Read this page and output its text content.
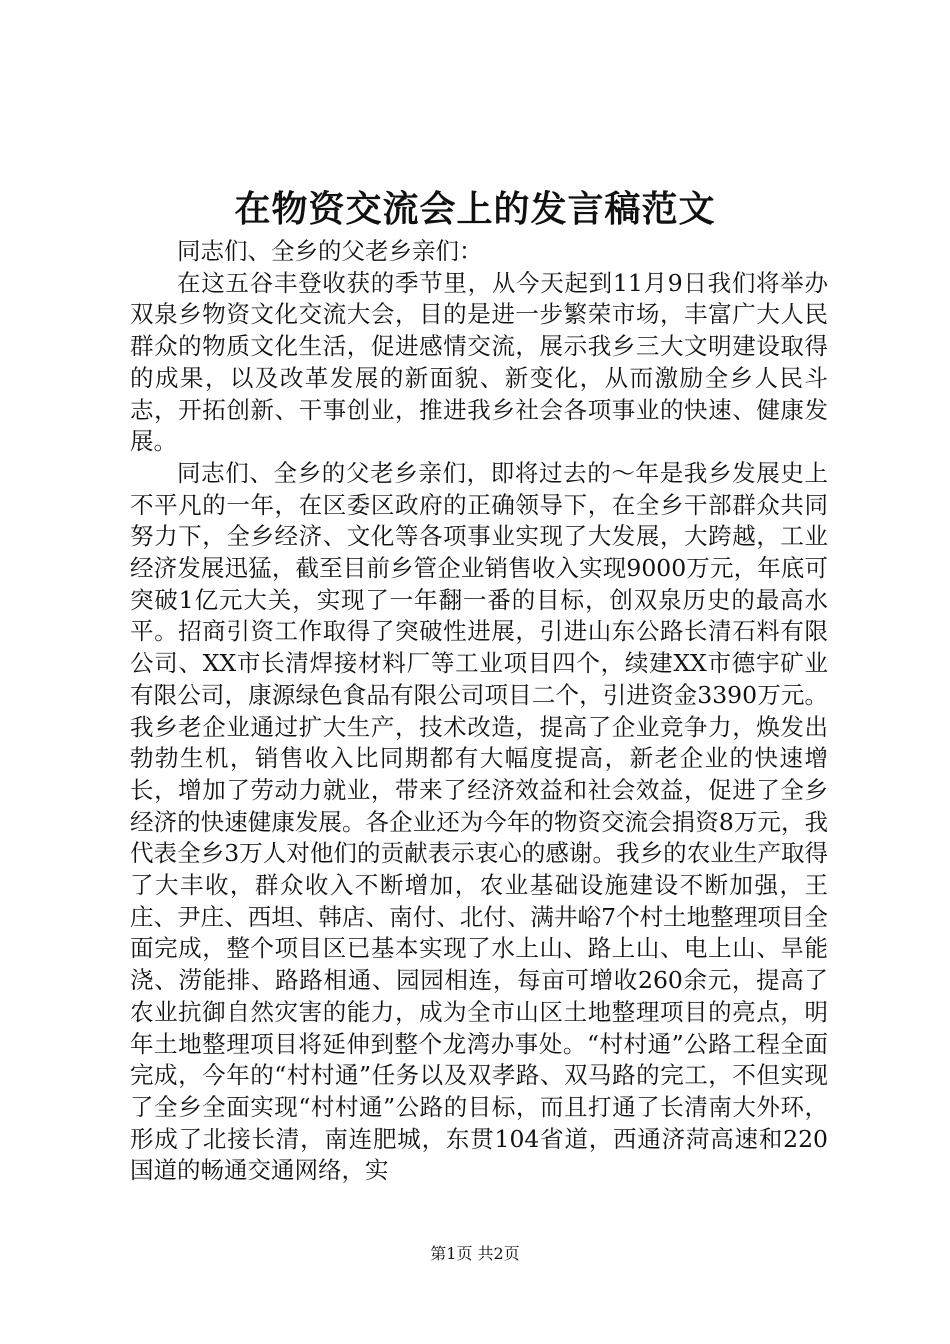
在物资交流会上的发言稿范文

同志们、全乡的父老乡亲们：

在这五谷丰登收获的季节里，从今天起到11月9日我们将举办双泉乡物资文化交流大会，目的是进一步繁荣市场，丰富广大人民群众的物质文化生活，促进感情交流，展示我乡三大文明建设取得的成果，以及改革发展的新面貌、新变化，从而激励全乡人民斗志，开拓创新、干事创业，推进我乡社会各项事业的快速、健康发展。

同志们、全乡的父老乡亲们，即将过去的～年是我乡发展史上不平凡的一年，在区委区政府的正确领导下，在全乡干部群众共同努力下，全乡经济、文化等各项事业实现了大发展，大跨越，工业经济发展迅猛，截至目前乡管企业销售收入实现9000万元，年底可突破1亿元大关，实现了一年翻一番的目标，创双泉历史的最高水平。招商引资工作取得了突破性进展，引进山东公路长清石料有限公司、XX市长清焊接材料厂等工业项目四个，续建XX市德宇矿业有限公司，康源绿色食品有限公司项目二个，引进资金3390万元。我乡老企业通过扩大生产，技术改造，提高了企业竞争力，焕发出勃勃生机，销售收入比同期都有大幅度提高，新老企业的快速增长，增加了劳动力就业，带来了经济效益和社会效益，促进了全乡经济的快速健康发展。各企业还为今年的物资交流会捐资8万元，我代表全乡3万人对他们的贡献表示衷心的感谢。我乡的农业生产取得了大丰收，群众收入不断增加，农业基础设施建设不断加强，王庄、尹庄、西坦、韩店、南付、北付、满井峪7个村土地整理项目全面完成，整个项目区已基本实现了水上山、路上山、电上山、旱能浇、涝能排、路路相通、园园相连，每亩可增收260余元，提高了农业抗御自然灾害的能力，成为全市山区土地整理项目的亮点，明年土地整理项目将延伸到整个龙湾办事处。“村村通”公路工程全面完成，今年的“村村通”任务以及双孝路、双马路的完工，不但实现了全乡全面实现“村村通”公路的目标，而且打通了长清南大外环，形成了北接长清，南连肥城，东贯104省道，西通济菏高速和220国道的畅通交通网络，实

第1页 共2页
